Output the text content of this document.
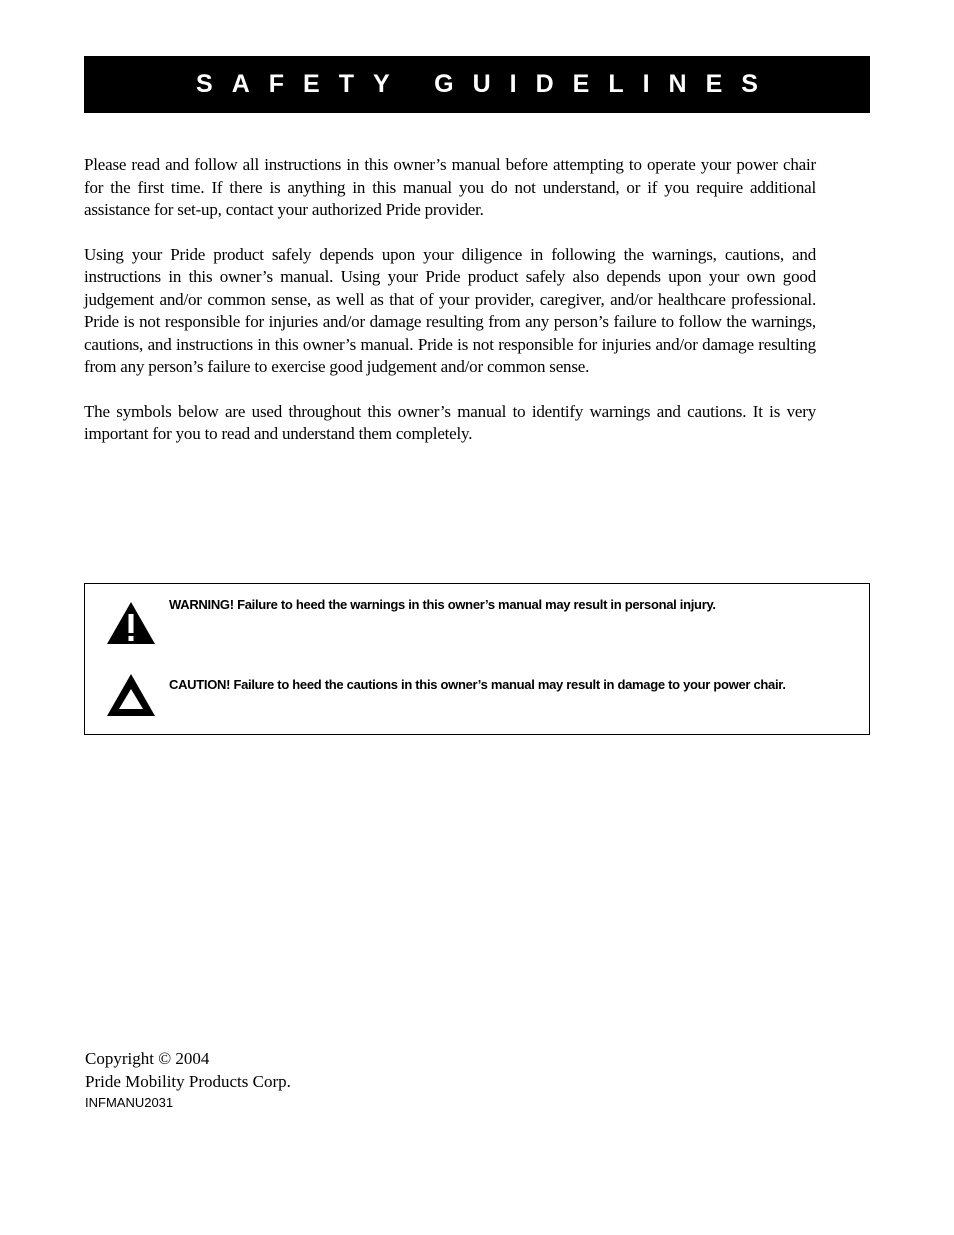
SAFETY GUIDELINES

Please read and follow all instructions in this owner’s manual before attempting to operate your power chair for the first time. If there is anything in this manual you do not understand, or if you require additional assistance for set-up, contact your authorized Pride provider.

Using your Pride product safely depends upon your diligence in following the warnings, cautions, and instructions in this owner’s manual. Using your Pride product safely also depends upon your own good judgement and/or common sense, as well as that of your provider, caregiver, and/or healthcare professional. Pride is not responsible for injuries and/or damage resulting from any person’s failure to follow the warnings, cautions, and instructions in this owner’s manual. Pride is not responsible for injuries and/or damage resulting from any person’s failure to exercise good judgement and/or common sense.

The symbols below are used throughout this owner’s manual to identify warnings and cautions. It is very important for you to read and understand them completely.

WARNING! Failure to heed the warnings in this owner’s manual may result in personal injury.
CAUTION! Failure to heed the cautions in this owner’s manual may result in damage to your power chair.
Copyright © 2004
Pride Mobility Products Corp.
INFMANU2031
